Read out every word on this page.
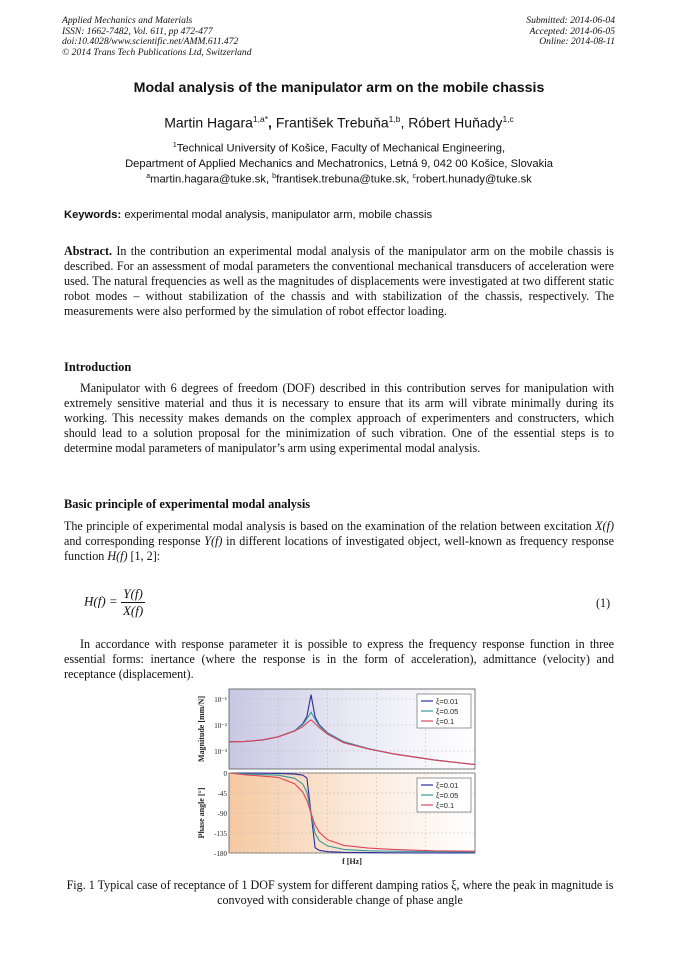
Applied Mechanics and Materials
ISSN: 1662-7482, Vol. 611, pp 472-477
doi:10.4028/www.scientific.net/AMM.611.472
© 2014 Trans Tech Publications Ltd, Switzerland
Submitted: 2014-06-04
Accepted: 2014-06-05
Online: 2014-08-11
Modal analysis of the manipulator arm on the mobile chassis
Martin Hagara$^{1,a*}$, František Trebuňa$^{1,b}$, Róbert Huňady$^{1,c}$
$^1$Technical University of Košice, Faculty of Mechanical Engineering,
Department of Applied Mechanics and Mechatronics, Letná 9, 042 00 Košice, Slovakia
$^a$martin.hagara@tuke.sk, $^b$frantisek.trebuna@tuke.sk, $^c$robert.hunady@tuke.sk
Keywords: experimental modal analysis, manipulator arm, mobile chassis
Abstract. In the contribution an experimental modal analysis of the manipulator arm on the mobile chassis is described. For an assessment of modal parameters the conventional mechanical transducers of acceleration were used. The natural frequencies as well as the magnitudes of displacements were investigated at two different static robot modes – without stabilization of the chassis and with stabilization of the chassis, respectively. The measurements were also performed by the simulation of robot effector loading.
Introduction
Manipulator with 6 degrees of freedom (DOF) described in this contribution serves for manipulation with extremely sensitive material and thus it is necessary to ensure that its arm will vibrate minimally during its working. This necessity makes demands on the complex approach of experimenters and constructers, which should lead to a solution proposal for the minimization of such vibration. One of the essential steps is to determine modal parameters of manipulator’s arm using experimental modal analysis.
Basic principle of experimental modal analysis
The principle of experimental modal analysis is based on the examination of the relation between excitation X(f) and corresponding response Y(f) in different locations of investigated object, well-known as frequency response function H(f) [1, 2]:
$H(f) = \frac{Y(f)}{X(f)}$	(1)
In accordance with response parameter it is possible to express the frequency response function in three essential forms: inertance (where the response is in the form of acceleration), admittance (velocity) and receptance (displacement).
10⁻¹
10⁻²
10⁻³
ξ=0.01
ξ=0.05
ξ=0.1
Magnitude [mm/N]
0
-45
-90
-135
-180
ξ=0.01
ξ=0.05
ξ=0.1
Phase angle [°]
f [Hz]
Fig. 1 Typical case of receptance of 1 DOF system for different damping ratios ξ, where the peak in magnitude is convoyed with considerable change of phase angle
